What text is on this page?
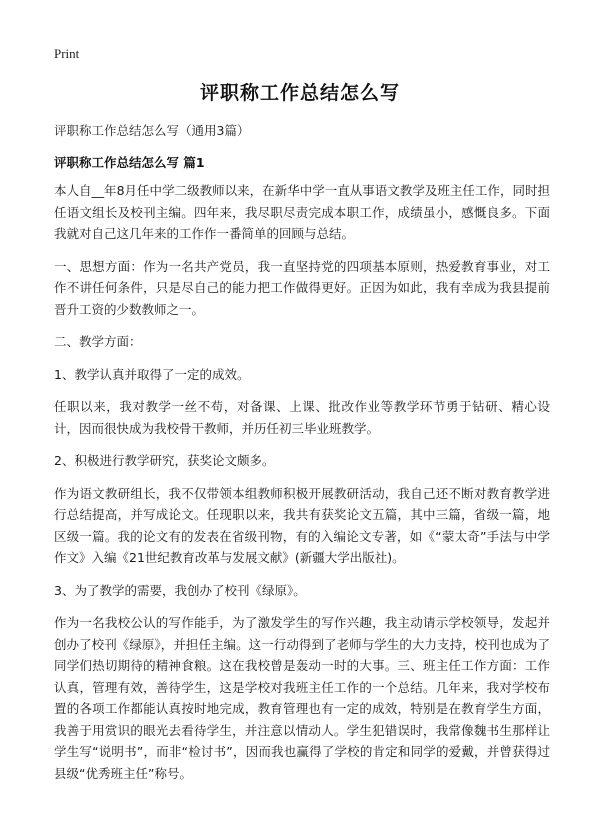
Print
评职称工作总结怎么写

评职称工作总结怎么写（通用3篇）

评职称工作总结怎么写 篇1

本人自__年8月任中学二级教师以来，在新华中学一直从事语文教学及班主任工作，同时担任语文组长及校刊主编。四年来，我尽职尽责完成本职工作，成绩虽小，感慨良多。下面我就对自己这几年来的工作作一番简单的回顾与总结。

一、思想方面：作为一名共产党员，我一直坚持党的四项基本原则，热爱教育事业，对工作不讲任何条件，只是尽自己的能力把工作做得更好。正因为如此，我有幸成为我县提前晋升工资的少数教师之一。

二、教学方面：

1、教学认真并取得了一定的成效。

任职以来，我对教学一丝不苟，对备课、上课、批改作业等教学环节勇于钻研、精心设计，因而很快成为我校骨干教师，并历任初三毕业班教学。

2、积极进行教学研究，获奖论文颇多。

作为语文教研组长，我不仅带领本组教师积极开展教研活动，我自己还不断对教育教学进行总结提高，并写成论文。任现职以来，我共有获奖论文五篇，其中三篇，省级一篇，地区级一篇。我的论文有的发表在省级刊物，有的入编论文专著，如《“蒙太奇”手法与中学作文》入编《21世纪教育改革与发展文献》(新疆大学出版社)。

3、为了教学的需要，我创办了校刊《绿原》。

作为一名我校公认的写作能手，为了激发学生的写作兴趣，我主动请示学校领导，发起并创办了校刊《绿原》，并担任主编。这一行动得到了老师与学生的大力支持，校刊也成为了同学们热切期待的精神食粮。这在我校曾是轰动一时的大事。三、班主任工作方面：工作认真，管理有效，善待学生，这是学校对我班主任工作的一个总结。几年来，我对学校布置的各项工作都能认真按时地完成，教育管理也有一定的成效，特别是在教育学生方面，我善于用赏识的眼光去看待学生，并注意以情动人。学生犯错误时，我常像魏书生那样让学生写“说明书”，而非“检讨书”，因而我也赢得了学校的肯定和同学的爱戴，并曾获得过县级“优秀班主任”称号。
